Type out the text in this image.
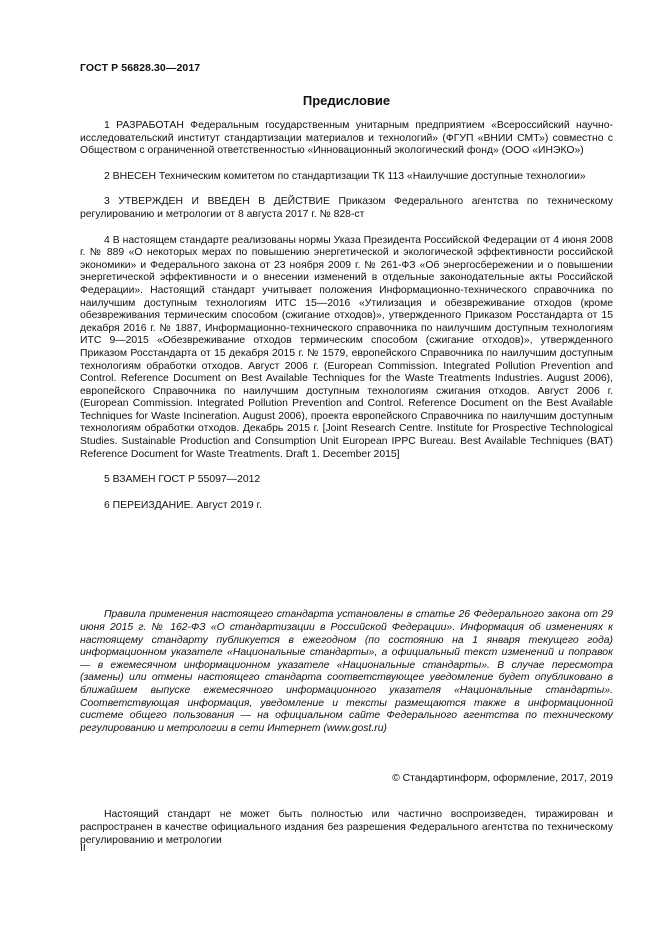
ГОСТ Р 56828.30—2017
Предисловие

1 РАЗРАБОТАН Федеральным государственным унитарным предприятием «Всероссийский научно-исследовательский институт стандартизации материалов и технологий» (ФГУП «ВНИИ СМТ») совместно с Обществом с ограниченной ответственностью «Инновационный экологический фонд» (ООО «ИНЭКО»)

2 ВНЕСЕН Техническим комитетом по стандартизации ТК 113 «Наилучшие доступные технологии»

3 УТВЕРЖДЕН И ВВЕДЕН В ДЕЙСТВИЕ Приказом Федерального агентства по техническому регулированию и метрологии от 8 августа 2017 г. № 828-ст

4 В настоящем стандарте реализованы нормы Указа Президента Российской Федерации от 4 июня 2008 г. № 889 «О некоторых мерах по повышению энергетической и экологической эффективности российской экономики» и Федерального закона от 23 ноября 2009 г. № 261-ФЗ «Об энергосбережении и о повышении энергетической эффективности и о внесении изменений в отдельные законодательные акты Российской Федерации». Настоящий стандарт учитывает положения Информационно-технического справочника по наилучшим доступным технологиям ИТС 15—2016 «Утилизация и обезвреживание отходов (кроме обезвреживания термическим способом (сжигание отходов)», утвержденного Приказом Росстандарта от 15 декабря 2016 г. № 1887, Информационно-технического справочника по наилучшим доступным технологиям ИТС 9—2015 «Обезвреживание отходов термическим способом (сжигание отходов)», утвержденного Приказом Росстандарта от 15 декабря 2015 г. № 1579, европейского Справочника по наилучшим доступным технологиям обработки отходов. Август 2006 г. (European Commission. Integrated Pollution Prevention and Control. Reference Document on Best Available Techniques for the Waste Treatments Industries. August 2006), европейского Справочника по наилучшим доступным технологиям сжигания отходов. Август 2006 г. (European Commission. Integrated Pollution Prevention and Control. Reference Document on the Best Available Techniques for Waste Incineration. August 2006), проекта европейского Справочника по наилучшим доступным технологиям обработки отходов. Декабрь 2015 г. [Joint Research Centre. Institute for Prospective Technological Studies. Sustainable Production and Consumption Unit European IPPC Bureau. Best Available Techniques (BAT) Reference Document for Waste Treatments. Draft 1. December 2015]

5 ВЗАМЕН ГОСТ Р 55097—2012

6 ПЕРЕИЗДАНИЕ. Август 2019 г.

Правила применения настоящего стандарта установлены в статье 26 Федерального закона от 29 июня 2015 г. № 162-ФЗ «О стандартизации в Российской Федерации». Информация об изменениях к настоящему стандарту публикуется в ежегодном (по состоянию на 1 января текущего года) информационном указателе «Национальные стандарты», а официальный текст изменений и поправок — в ежемесячном информационном указателе «Национальные стандарты». В случае пересмотра (замены) или отмены настоящего стандарта соответствующее уведомление будет опубликовано в ближайшем выпуске ежемесячного информационного указателя «Национальные стандарты». Соответствующая информация, уведомление и тексты размещаются также в информационной системе общего пользования — на официальном сайте Федерального агентства по техническому регулированию и метрологии в сети Интернет (www.gost.ru)

© Стандартинформ, оформление, 2017, 2019

Настоящий стандарт не может быть полностью или частично воспроизведен, тиражирован и распространен в качестве официального издания без разрешения Федерального агентства по техническому регулированию и метрологии

II
